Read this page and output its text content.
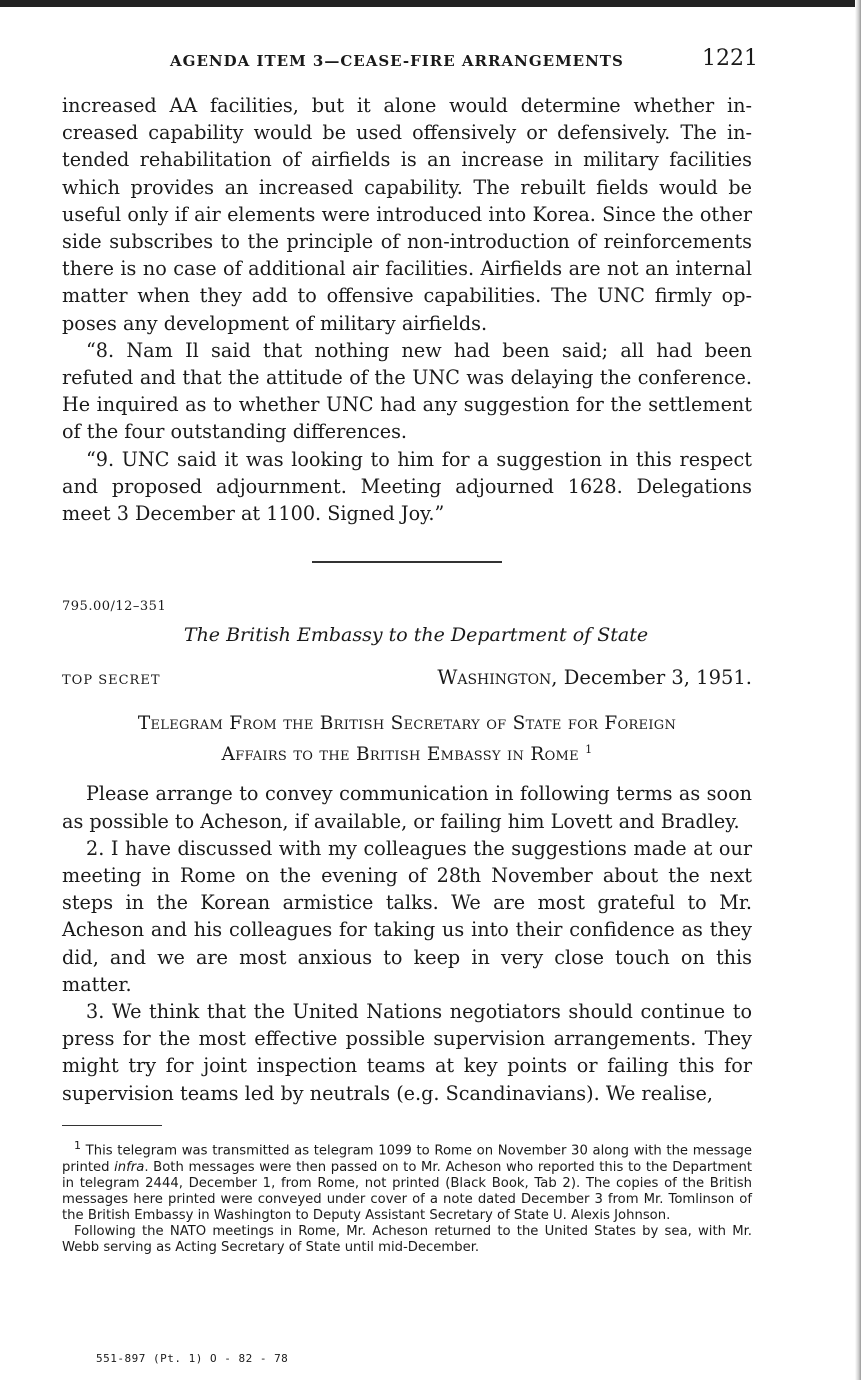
AGENDA ITEM 3—CEASE-FIRE ARRANGEMENTS	1221

increased AA facilities, but it alone would determine whether in-creased capability would be used offensively or defensively. The in-tended rehabilitation of airfields is an increase in military facilities which provides an increased capability. The rebuilt fields would be useful only if air elements were introduced into Korea. Since the other side subscribes to the principle of non-introduction of reinforcements there is no case of additional air facilities. Airfields are not an internal matter when they add to offensive capabilities. The UNC firmly op-poses any development of military airfields.

“8. Nam Il said that nothing new had been said; all had been refuted and that the attitude of the UNC was delaying the conference. He inquired as to whether UNC had any suggestion for the settlement of the four outstanding differences.

“9. UNC said it was looking to him for a suggestion in this respect and proposed adjournment. Meeting adjourned 1628. Delegations meet 3 December at 1100. Signed Joy.”

795.00/12–351
The British Embassy to the Department of State
TOP SECRET	Washington, December 3, 1951.
Telegram From the British Secretary of State for Foreign
Affairs to the British Embassy in Rome $^1$

Please arrange to convey communication in following terms as soon as possible to Acheson, if available, or failing him Lovett and Bradley.

2. I have discussed with my colleagues the suggestions made at our meeting in Rome on the evening of 28th November about the next steps in the Korean armistice talks. We are most grateful to Mr. Acheson and his colleagues for taking us into their confidence as they did, and we are most anxious to keep in very close touch on this matter.

3. We think that the United Nations negotiators should continue to press for the most effective possible supervision arrangements. They might try for joint inspection teams at key points or failing this for supervision teams led by neutrals (e.g. Scandinavians). We realise,

$^1$ This telegram was transmitted as telegram 1099 to Rome on November 30 along with the message printed infra. Both messages were then passed on to Mr. Acheson who reported this to the Department in telegram 2444, December 1, from Rome, not printed (Black Book, Tab 2). The copies of the British messages here printed were conveyed under cover of a note dated December 3 from Mr. Tomlinson of the British Embassy in Washington to Deputy Assistant Secretary of State U. Alexis Johnson.

Following the NATO meetings in Rome, Mr. Acheson returned to the United States by sea, with Mr. Webb serving as Acting Secretary of State until mid-December.

551-897 (Pt. 1) O - 82 - 78
